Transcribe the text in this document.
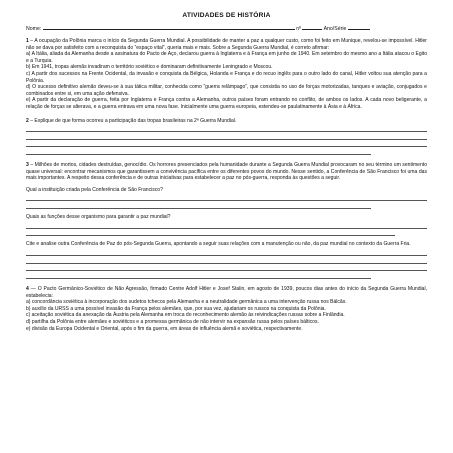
ATIVIDADES DE HISTÓRIA
Nome:	nº	Ano/Série

1 – A ocupação da Polônia marca o início da Segunda Guerra Mundial. A possibilidade de manter a paz a qualquer custo, como foi feito em Munique, revelou-se impossível. Hitler não se dava por satisfeito com a reconquista do “espaço vital”, queria mais e mais. Sobre a Segunda Guerra Mundial, é correto afirmar:

a) A Itália, aliada da Alemanha desde a assinatura do Pacto de Aço, declarou guerra à Inglaterra e à França em junho de 1940. Em setembro do mesmo ano a Itália atacou o Egito e a Turquia.

b) Em 1941, tropas alemãs invadiram o território soviético e dominaram definitivamente Leningrado e Moscou.

c) A partir dos sucessos na Frente Ocidental, da invasão e conquista da Bélgica, Holanda e França e do recuo inglês para o outro lado do canal, Hitler voltou sua atenção para a Polônia.

d) O sucesso definitivo alemão deveu-se à sua tática militar, conhecida como “guerra relâmpago”, que consistia no uso de forças motorizadas, tanques e aviação, conjugados e combinados entre si, em uma ação defensiva.

e) A partir da declaração de guerra, feita por Inglaterra e França contra a Alemanha, outros países foram entrando no conflito, de ambos os lados. A cada novo beligerante, a relação de forças se alterava, e a guerra entrava em uma nova fase. Inicialmente uma guerra europeia, estendeu-se paulatinamente à Ásia e à África.

2 – Explique de que forma ocorreu a participação das tropas brasileiras na 2ª Guerra Mundial.

3 – Milhões de mortos, cidades destruídas, genocídio. Os horrores presenciados pela humanidade durante a Segunda Guerra Mundial provocaram no seu término um sentimento quase universal: encontrar mecanismos que garantissem a convivência pacífica entre os diferentes povos do mundo. Nesse sentido, a Conferência de São Francisco foi uma das mais importantes. A respeito dessa conferência e de outras iniciativas para estabelecer a paz no pós-guerra, responda às questões a seguir.

Qual a instituição criada pela Conferência de São Francisco?

Quais as funções desse organismo para garantir a paz mundial?

Cite e analise outra Conferência de Paz do pós-Segunda Guerra, apontando a seguir suas relações com a manutenção ou não, da paz mundial no contexto da Guerra Fria.

4 — O Pacto Germânico-Soviético de Não Agressão, firmado Centre Adolf Hitler e Josef Stalin, em agosto de 1939, poucos dias antes do início da Segunda Guerra Mundial, estabelecia:

a) concordância soviética à incorporação dos sudetos tchecos pela Alemanha e a neutralidade germânica a uma intervenção russa nos Bálcãs.

b) auxílio da URSS a uma possível invasão da França pelos alemães, que, por sua vez, ajudariam os russos na conquista da Polônia.

c) aceitação soviética da anexação da Áustria pela Alemanha em troca do reconhecimento alemão às reivindicações russas sobre a Finlândia.

d) partilha da Polônia entre alemães e soviéticos e a promessa germânica de não intervir na expansão russa pelos países bálticos.

e) divisão da Europa Ocidental e Oriental, após o fim da guerra, em áreas de influência alemã e soviética, respectivamente.
